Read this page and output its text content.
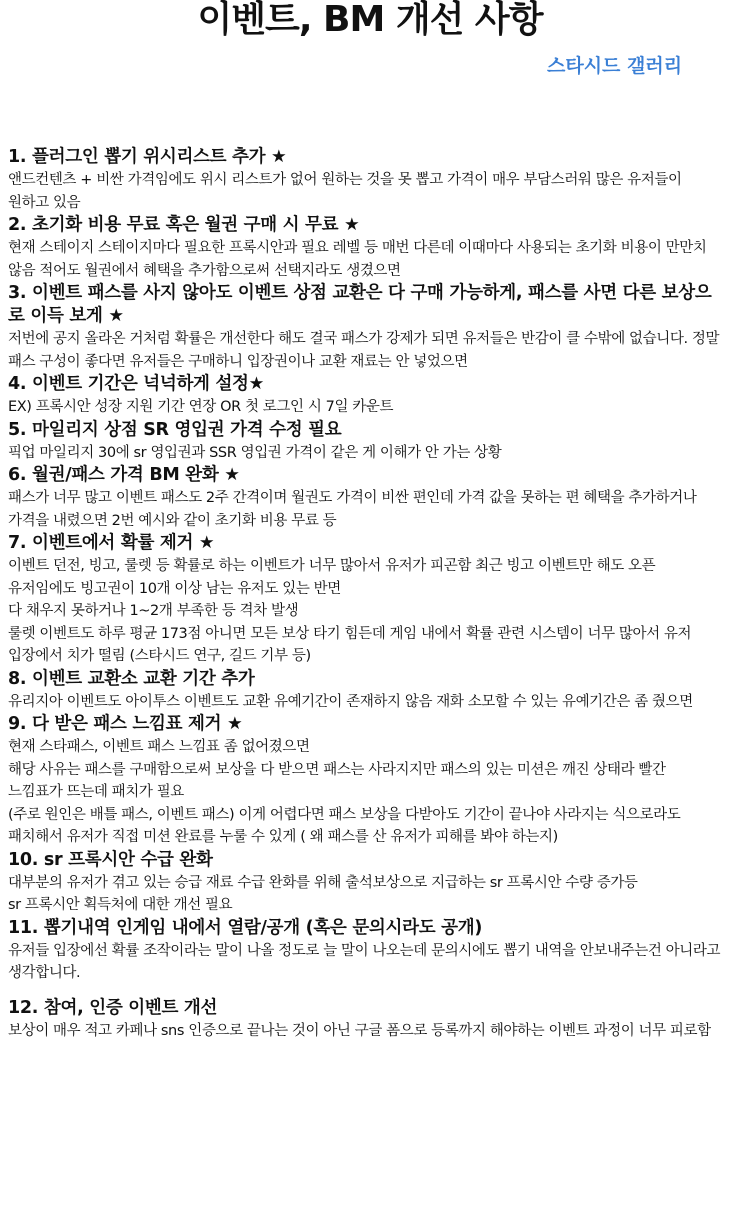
이벤트, BM 개선 사항
스타시드 갤러리
1. 플러그인 뽑기 위시리스트 추가 ★

앤드컨텐츠 + 비싼 가격임에도 위시 리스트가 없어 원하는 것을 못 뽑고 가격이 매우 부담스러워 많은 유저들이 원하고 있음

2. 초기화 비용 무료 혹은 월권 구매 시 무료 ★

현재 스테이지 스테이지마다 필요한 프록시안과 필요 레벨 등 매번 다른데 이때마다 사용되는 초기화 비용이 만만치 않음 적어도 월권에서 혜택을 추가함으로써 선택지라도 생겼으면

3. 이벤트 패스를 사지 않아도 이벤트 상점 교환은 다 구매 가능하게, 패스를 사면 다른 보상으로 이득 보게 ★

저번에 공지 올라온 거처럼 확률은 개선한다 해도 결국 패스가 강제가 되면 유저들은 반감이 클 수밖에 없습니다. 정말 패스 구성이 좋다면 유저들은 구매하니 입장권이나 교환 재료는 안 넣었으면

4. 이벤트 기간은 넉넉하게 설정★

EX) 프록시안 성장 지원 기간 연장 OR 첫 로그인 시 7일 카운트

5. 마일리지 상점 SR 영입권 가격 수정 필요

픽업 마일리지 30에 sr 영입권과 SSR 영입권 가격이 같은 게 이해가 안 가는 상황

6. 월권/패스 가격 BM 완화 ★

패스가 너무 많고 이벤트 패스도 2주 간격이며 월권도 가격이 비싼 편인데 가격 값을 못하는 편 혜택을 추가하거나 가격을 내렸으면 2번 예시와 같이 초기화 비용 무료 등

7. 이벤트에서 확률 제거 ★

이벤트 던전, 빙고, 룰렛 등 확률로 하는 이벤트가 너무 많아서 유저가 피곤함 최근 빙고 이벤트만 해도 오픈 유저임에도 빙고권이 10개 이상 남는 유저도 있는 반면
다 채우지 못하거나 1~2개 부족한 등 격차 발생
룰렛 이벤트도 하루 평균 173점 아니면 모든 보상 타기 힘든데 게임 내에서 확률 관련 시스템이 너무 많아서 유저 입장에서 치가 떨림 (스타시드 연구, 길드 기부 등)

8. 이벤트 교환소 교환 기간 추가

유리지아 이벤트도 아이투스 이벤트도 교환 유예기간이 존재하지 않음 재화 소모할 수 있는 유예기간은 좀 줬으면

9. 다 받은 패스 느낌표 제거 ★

현재 스타패스, 이벤트 패스 느낌표 좀 없어졌으면
해당 사유는 패스를 구매함으로써 보상을 다 받으면 패스는 사라지지만 패스의 있는 미션은 깨진 상태라 빨간 느낌표가 뜨는데 패치가 필요
(주로 원인은 배틀 패스, 이벤트 패스) 이게 어렵다면 패스 보상을 다받아도 기간이 끝나야 사라지는 식으로라도 패치해서 유저가 직접 미션 완료를 누룰 수 있게 ( 왜 패스를 산 유저가 피해를 봐야 하는지)

10. sr 프록시안 수급 완화

대부분의 유저가 겪고 있는 승급 재료 수급 완화를 위해 출석보상으로 지급하는 sr 프록시안 수량 증가등
sr 프록시안 획득처에 대한 개선 필요

11. 뽑기내역 인게임 내에서 열람/공개 (혹은 문의시라도 공개)

유저들 입장에선 확률 조작이라는 말이 나올 정도로 늘 말이 나오는데 문의시에도 뽑기 내역을 안보내주는건 아니라고 생각합니다.

12. 참여, 인증 이벤트 개선

보상이 매우 적고 카페나 sns 인증으로 끝나는 것이 아닌 구글 폼으로 등록까지 해야하는 이벤트 과정이 너무 피로함
